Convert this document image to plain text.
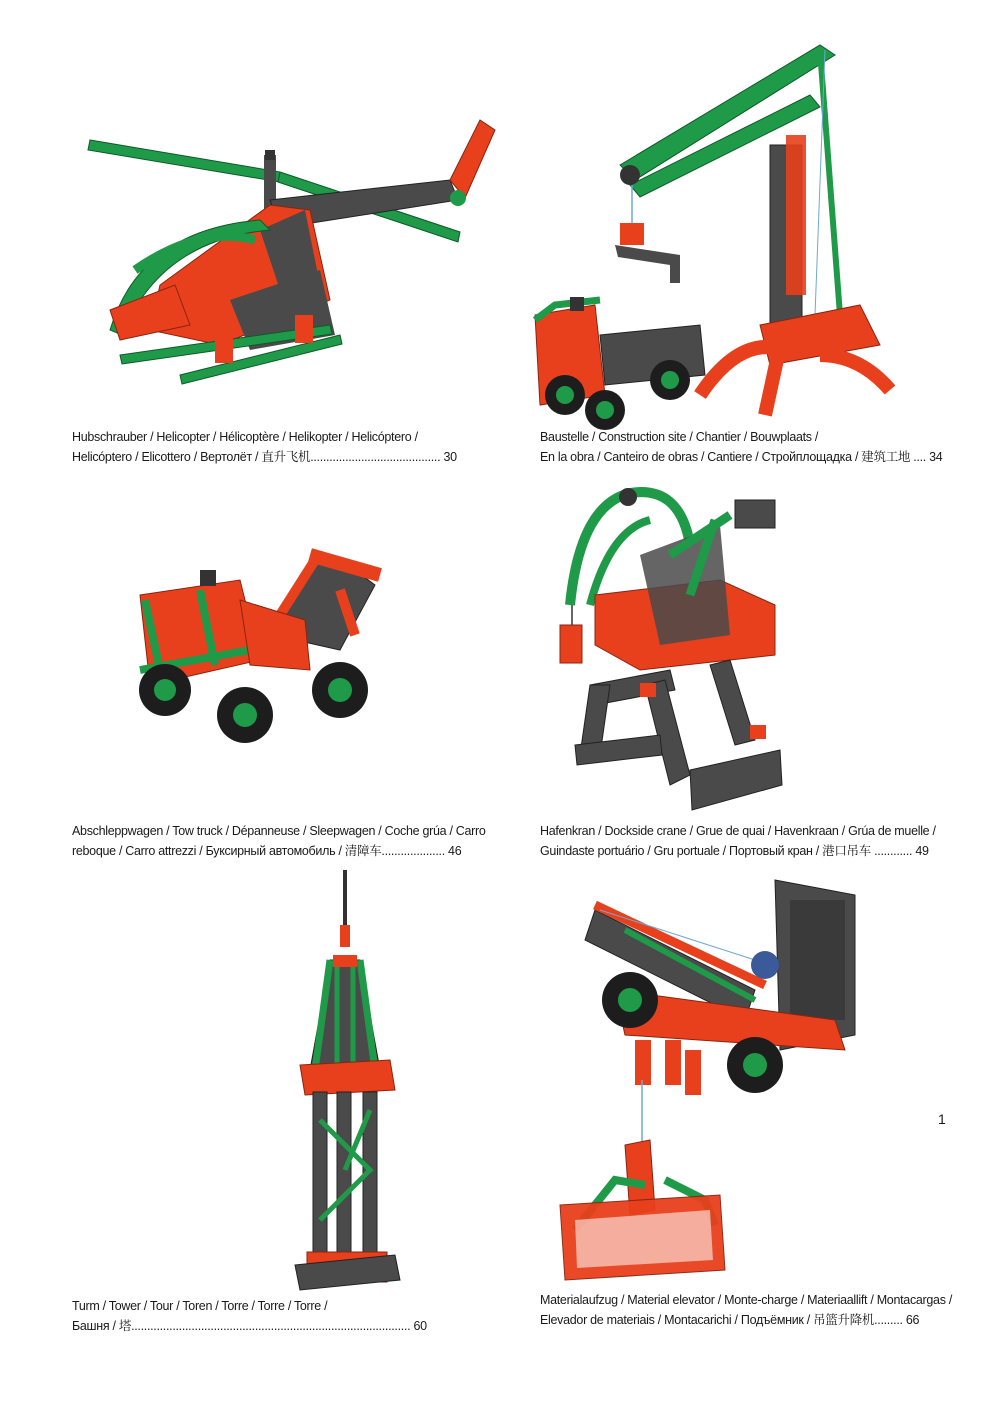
Hubschrauber / Helicopter / Hélicoptère / Helikopter / Helicóptero /
Helicóptero / Elicottero / Вертолёт / 直升飞机......................................... 30
Baustelle / Construction site / Chantier / Bouwplaats /
En la obra / Canteiro de obras / Cantiere / Стройплощадка / 建筑工地 .... 34
Abschleppwagen / Tow truck / Dépanneuse / Sleepwagen / Coche grúa / Carro
reboque / Carro attrezzi / Буксирный автомобиль / 清障车.................... 46
Hafenkran / Dockside crane / Grue de quai / Havenkraan / Grúa de muelle /
Guindaste portuário / Gru portuale / Портовый кран / 港口吊车 ............ 49
Turm / Tower / Tour / Toren / Torre / Torre / Torre /
Башня / 塔........................................................................................ 60
Materialaufzug / Material elevator / Monte-charge / Materiaallift / Montacargas /
Elevador de materiais / Montacarichi / Подъёмник / 吊篮升降机......... 66
1
